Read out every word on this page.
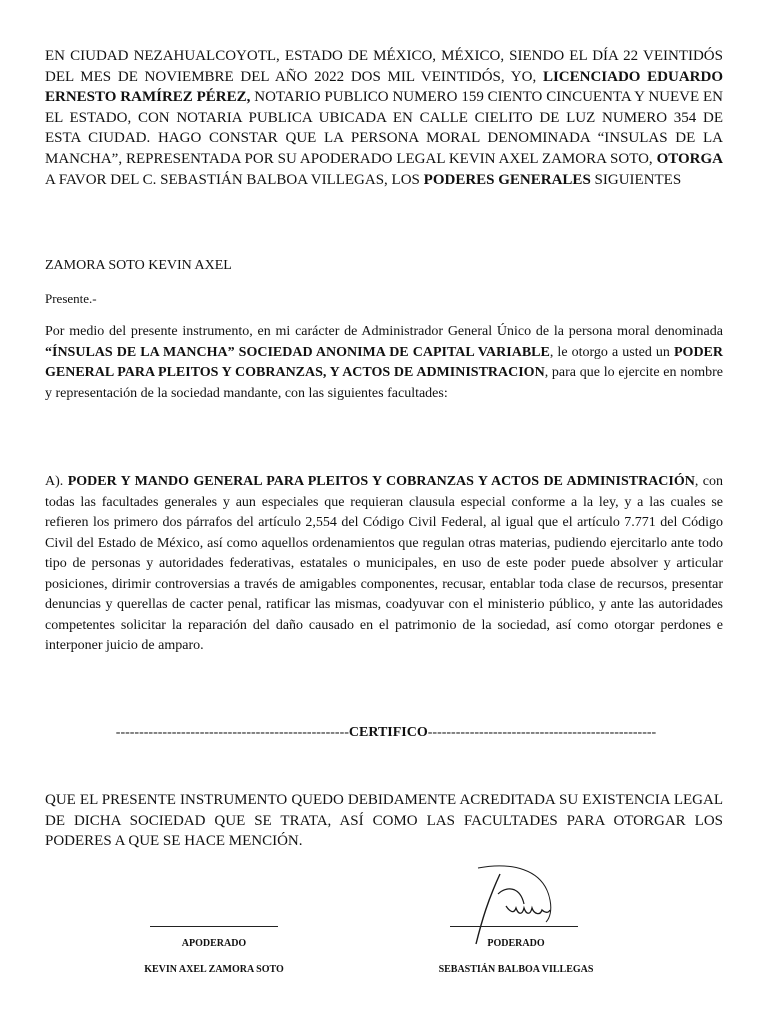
EN CIUDAD NEZAHUALCOYOTL, ESTADO DE MÉXICO, MÉXICO, SIENDO EL DÍA 22 VEINTIDÓS DEL MES DE NOVIEMBRE DEL AÑO 2022 DOS MIL VEINTIDÓS, YO, LICENCIADO EDUARDO ERNESTO RAMÍREZ PÉREZ, NOTARIO PUBLICO NUMERO 159 CIENTO CINCUENTA Y NUEVE EN EL ESTADO, CON NOTARIA PUBLICA UBICADA EN CALLE CIELITO DE LUZ NUMERO 354 DE ESTA CIUDAD. HAGO CONSTAR QUE LA PERSONA MORAL DENOMINADA “INSULAS DE LA MANCHA”, REPRESENTADA POR SU APODERADO LEGAL KEVIN AXEL ZAMORA SOTO, OTORGA A FAVOR DEL C. SEBASTIÁN BALBOA VILLEGAS, LOS PODERES GENERALES SIGUIENTES

ZAMORA SOTO KEVIN AXEL

Presente.-

Por medio del presente instrumento, en mi carácter de Administrador General Único de la persona moral denominada “ÍNSULAS DE LA MANCHA” SOCIEDAD ANONIMA DE CAPITAL VARIABLE, le otorgo a usted un PODER GENERAL PARA PLEITOS Y COBRANZAS, Y ACTOS DE ADMINISTRACION, para que lo ejercite en nombre y representación de la sociedad mandante, con las siguientes facultades:

A). PODER Y MANDO GENERAL PARA PLEITOS Y COBRANZAS Y ACTOS DE ADMINISTRACIÓN, con todas las facultades generales y aun especiales que requieran clausula especial conforme a la ley, y a las cuales se refieren los primero dos párrafos del artículo 2,554 del Código Civil Federal, al igual que el artículo 7.771 del Código Civil del Estado de México, así como aquellos ordenamientos que regulan otras materias, pudiendo ejercitarlo ante todo tipo de personas y autoridades federativas, estatales o municipales, en uso de este poder puede absolver y articular posiciones, dirimir controversias a través de amigables componentes, recusar, entablar toda clase de recursos, presentar denuncias y querellas de cacter penal, ratificar las mismas, coadyuvar con el ministerio público, y ante las autoridades competentes solicitar la reparación del daño causado en el patrimonio de la sociedad, así como otorgar perdones e interponer juicio de amparo.

--------------------------------------------------CERTIFICO-------------------------------------------------

QUE EL PRESENTE INSTRUMENTO QUEDO DEBIDAMENTE ACREDITADA SU EXISTENCIA LEGAL DE DICHA SOCIEDAD QUE SE TRATA, ASÍ COMO LAS FACULTADES PARA OTORGAR LOS PODERES A QUE SE HACE MENCIÓN.

APODERADO
KEVIN AXEL ZAMORA SOTO
PODERADO
SEBASTIÁN BALBOA VILLEGAS
